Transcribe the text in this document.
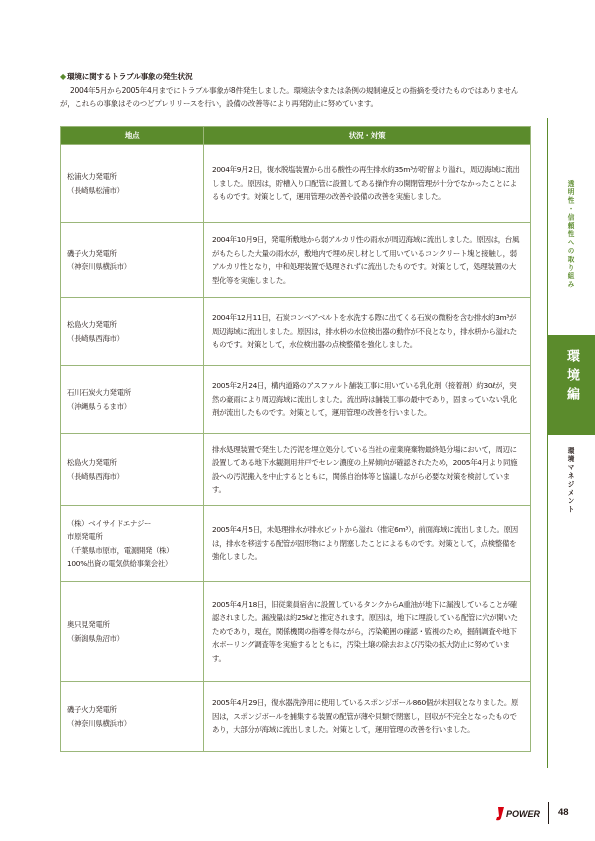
◆環境に関するトラブル事象の発生状況

2004年5月から2005年4月までにトラブル事象が8件発生しました。環境法令または条例の規制違反との指摘を受けたものではありませんが，これらの事象はそのつどプレリリースを行い，設備の改善等により再発防止に努めています。

地点	状況・対策
松浦火力発電所
（長崎県松浦市）	2004年9月2日，復水脱塩装置から出る酸性の再生排水約35m³が貯留より溢れ，周辺海域に流出しました。原因は，貯槽入り口配管に設置してある操作弁の開閉管理が十分でなかったことによるものです。対策として，運用管理の改善や設備の改善を実施しました。
磯子火力発電所
（神奈川県横浜市）	2004年10月9日，発電所敷地から弱アルカリ性の雨水が周辺海域に流出しました。原因は，台風がもたらした大量の雨水が，敷地内で埋め戻し材として用いているコンクリート塊と接触し，弱アルカリ性となり，中和処理装置で処理されずに流出したものです。対策として，処理装置の大型化等を実施しました。
松島火力発電所
（長崎県西海市）	2004年12月11日，石炭コンベアベルトを水洗する際に出てくる石炭の微粉を含む排水約3m³が周辺海域に流出しました。原因は，排水枡の水位検出器の動作が不良となり，排水枡から溢れたものです。対策として，水位検出器の点検整備を強化しました。
石川石炭火力発電所
（沖縄県うるま市）	2005年2月24日，構内道路のアスファルト舗装工事に用いている乳化剤（接着剤）約30ℓが，突然の豪雨により周辺海域に流出しました。流出時は舗装工事の最中であり，固まっていない乳化剤が流出したものです。対策として，運用管理の改善を行いました。
松島火力発電所
（長崎県西海市）	排水処理装置で発生した汚泥を埋立処分している当社の産業廃棄物最終処分場において，周辺に設置してある地下水観測用井戸でセレン濃度の上昇傾向が確認されたため，2005年4月より同施設への汚泥搬入を中止するとともに，関係自治体等と協議しながら必要な対策を検討しています。
（株）ベイサイドエナジー
市原発電所
（千葉県市原市，電源開発（株）
100%出資の電気供給事業会社）	2005年4月5日，未処理排水が排水ピットから溢れ（推定6m³），前面海域に流出しました。原因は，排水を移送する配管が固形物により閉塞したことによるものです。対策として，点検整備を強化しました。
奥只見発電所
（新潟県魚沼市）	2005年4月18日，旧従業員宿舎に設置しているタンクからA重油が地下に漏洩していることが確認されました。漏洩量は約25kℓと推定されます。原因は，地下に埋設している配管に穴が開いたためであり，現在，関係機関の指導を得ながら，汚染範囲の確認・監視のため，掘削調査や地下水ボーリング調査等を実施するとともに，汚染土壌の除去および汚染の拡大防止に努めています。
磯子火力発電所
（神奈川県横浜市）	2005年4月29日，復水器洗浄用に使用しているスポンジボール860個が未回収となりました。原因は，スポンジボールを捕集する装置の配管が薄や貝類で閉塞し，回収が不完全となったものであり，大部分が海域に流出しました。対策として，運用管理の改善を行いました。
透明性・信頼性への取り組み
環境編
環境マネジメント
POWER 48
